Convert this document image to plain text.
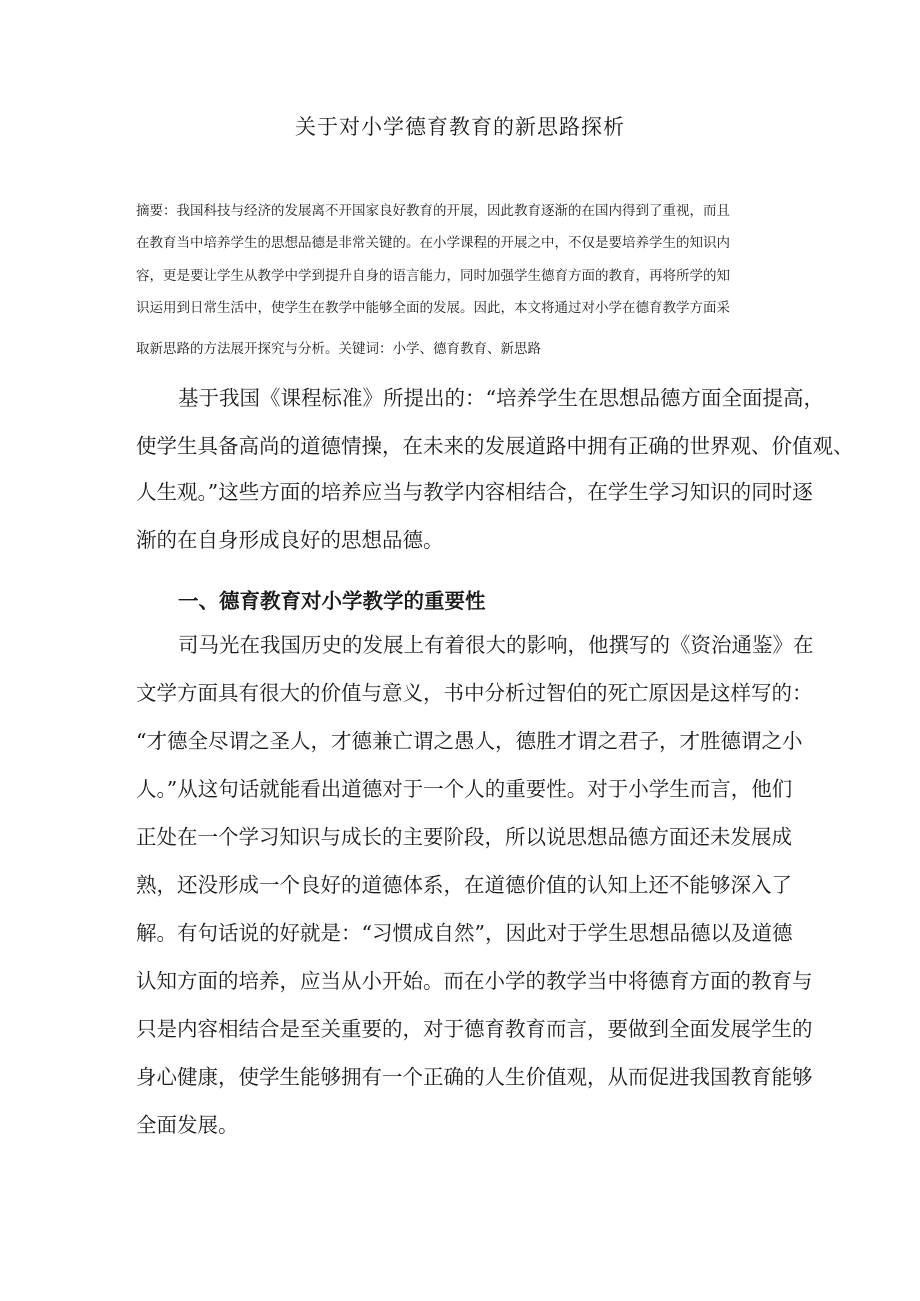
关于对小学德育教育的新思路探析
摘要：我国科技与经济的发展离不开国家良好教育的开展，因此教育逐渐的在国内得到了重视，而且
在教育当中培养学生的思想品德是非常关键的。在小学课程的开展之中，不仅是要培养学生的知识内
容，更是要让学生从教学中学到提升自身的语言能力，同时加强学生德育方面的教育，再将所学的知
识运用到日常生活中，使学生在教学中能够全面的发展。因此，本文将通过对小学在德育教学方面采
取新思路的方法展开探究与分析。关键词：小学、德育教育、新思路
基于我国《课程标准》所提出的：“培养学生在思想品德方面全面提高，
使学生具备高尚的道德情操，在未来的发展道路中拥有正确的世界观、价值观、
人生观。”这些方面的培养应当与教学内容相结合，在学生学习知识的同时逐
渐的在自身形成良好的思想品德。
一、德育教育对小学教学的重要性
司马光在我国历史的发展上有着很大的影响，他撰写的《资治通鉴》在
文学方面具有很大的价值与意义，书中分析过智伯的死亡原因是这样写的：
“才德全尽谓之圣人，才德兼亡谓之愚人，德胜才谓之君子，才胜德谓之小
人。”从这句话就能看出道德对于一个人的重要性。对于小学生而言，他们
正处在一个学习知识与成长的主要阶段，所以说思想品德方面还未发展成
熟，还没形成一个良好的道德体系，在道德价值的认知上还不能够深入了
解。有句话说的好就是：“习惯成自然”，因此对于学生思想品德以及道德
认知方面的培养，应当从小开始。而在小学的教学当中将德育方面的教育与
只是内容相结合是至关重要的，对于德育教育而言，要做到全面发展学生的
身心健康，使学生能够拥有一个正确的人生价值观，从而促进我国教育能够
全面发展。
